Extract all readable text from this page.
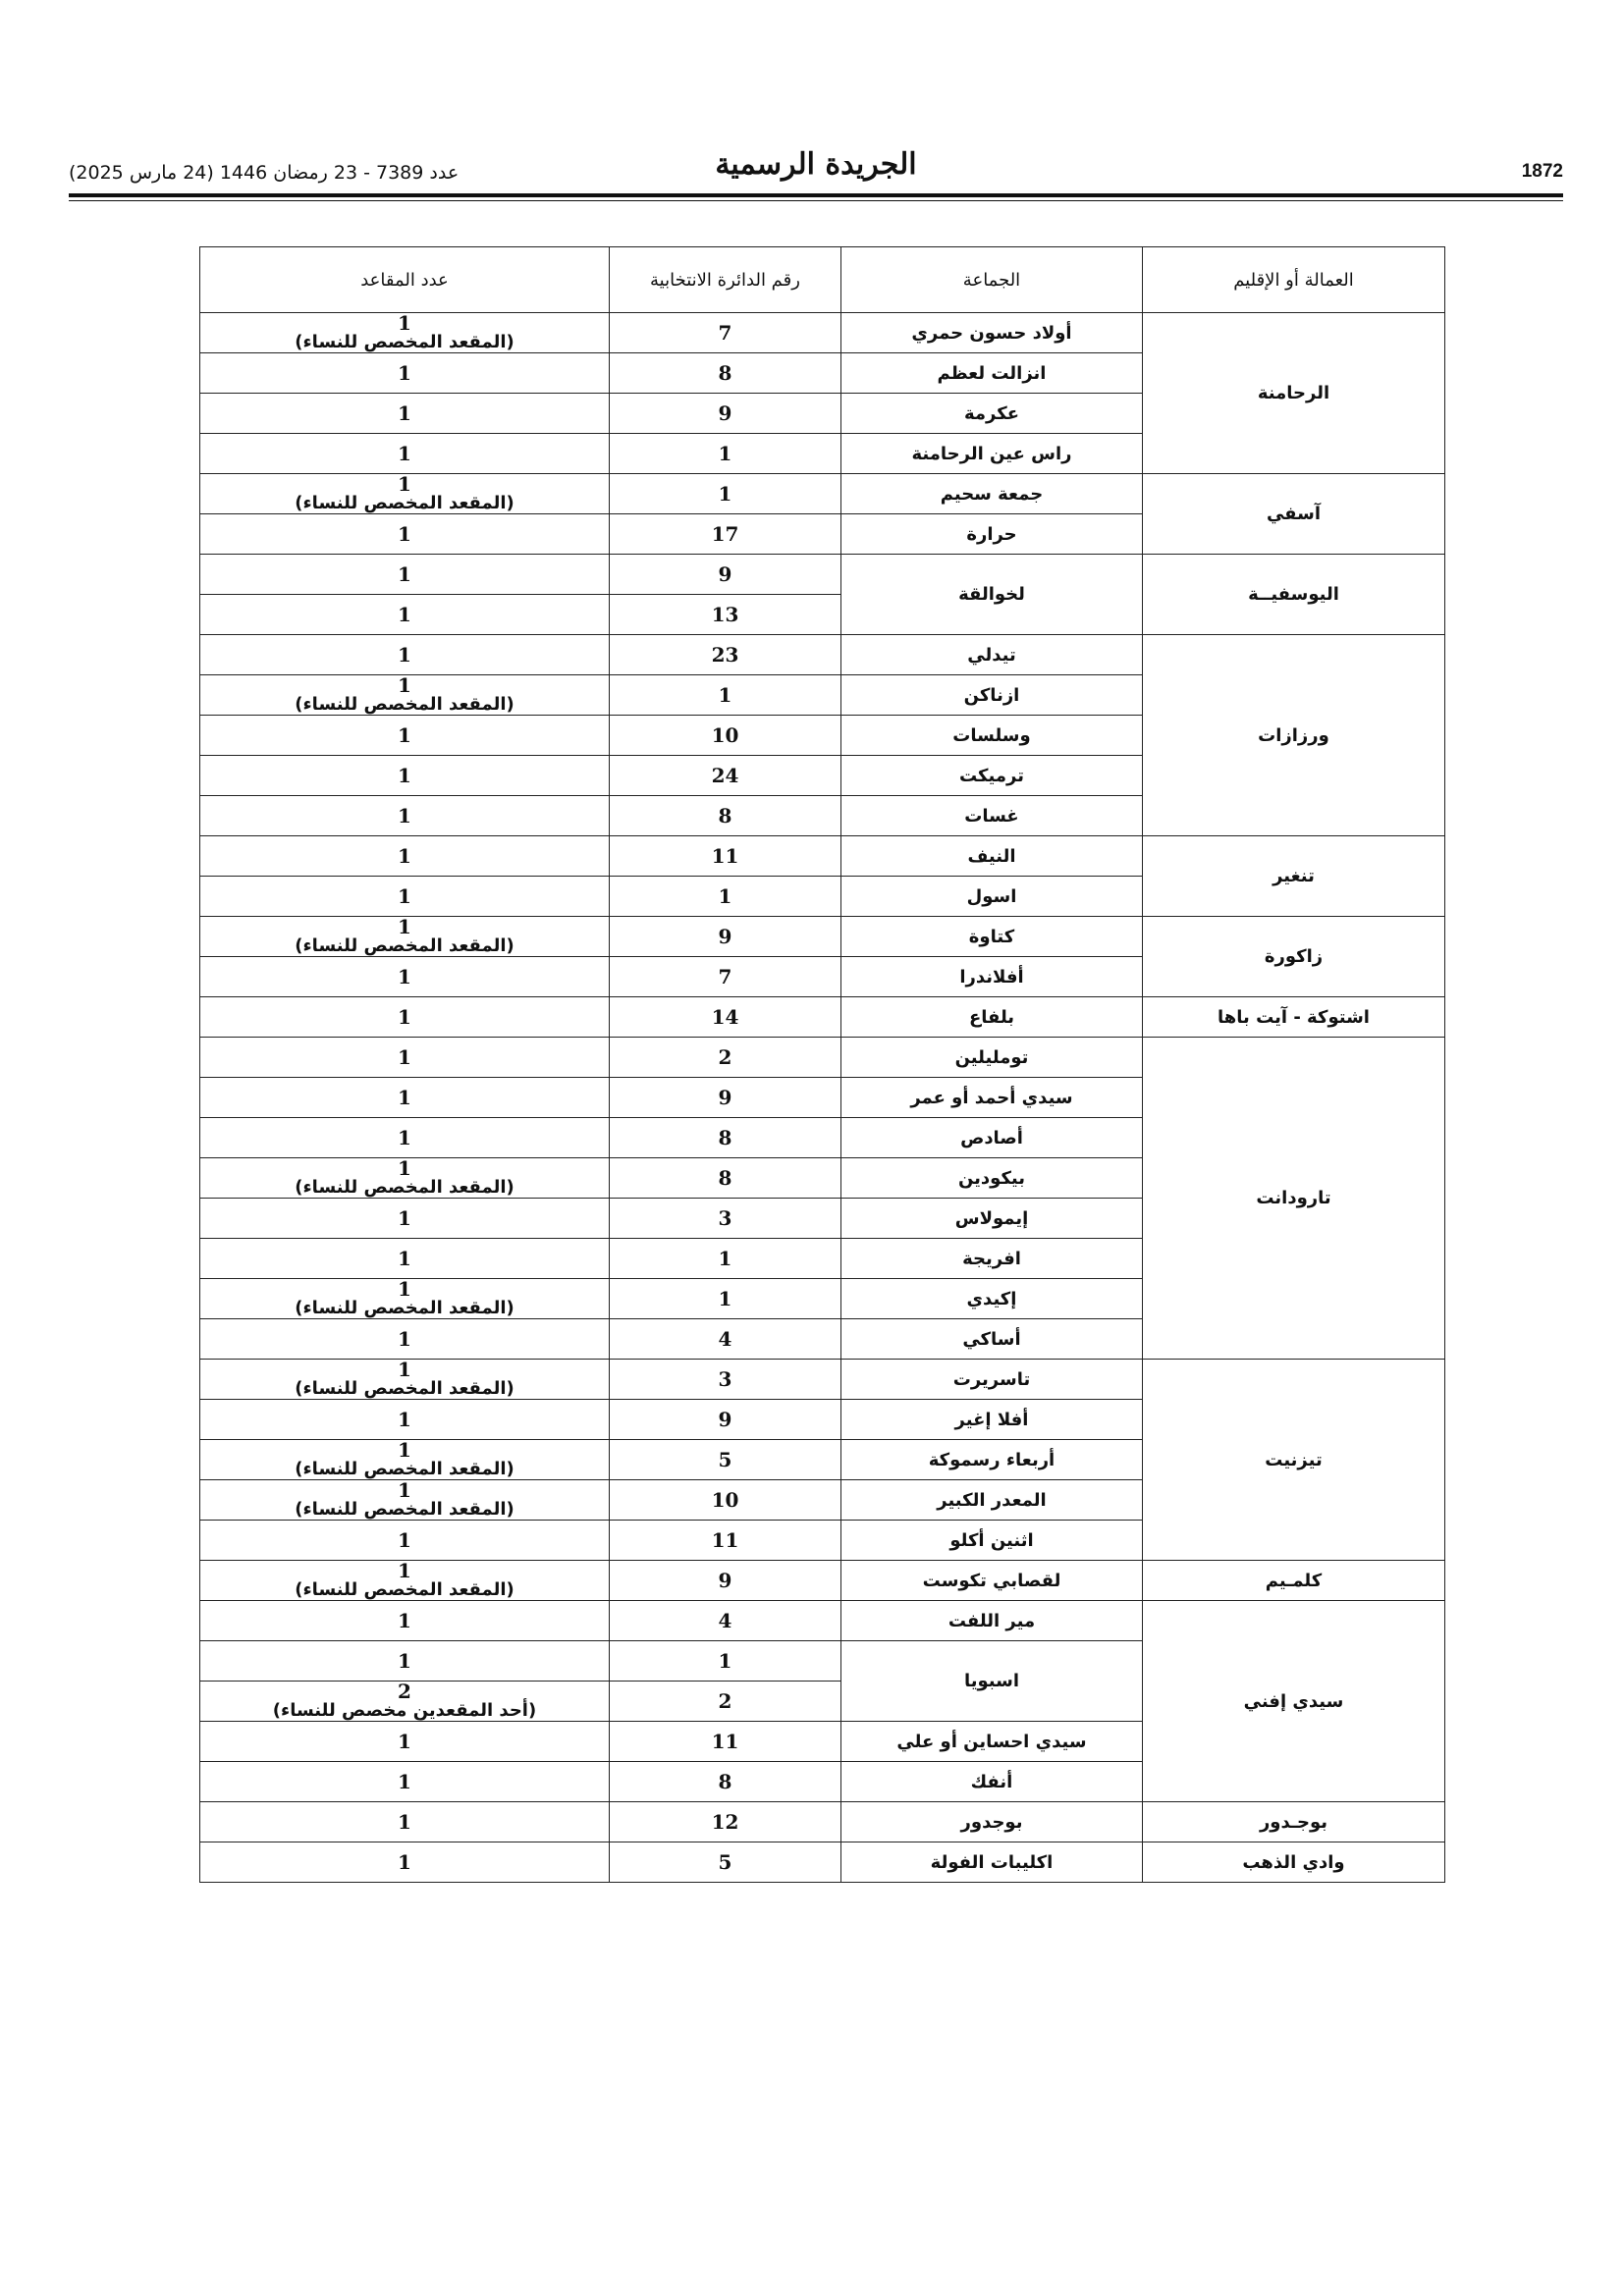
1872
الجريدة الرسمية
عدد 7389 - 23 رمضان 1446 (24 مارس 2025)
العمالة أو الإقليم	الجماعة	رقم الدائرة الانتخابية	عدد المقاعد
الرحامنة	أولاد حسون حمري	7	1
(المقعد المخصص للنساء)

	انزالت لعظم	8	1

	عكرمة	9	1

	راس عين الرحامنة	1	1

آسفي	جمعة سحيم	1	1
(المقعد المخصص للنساء)

	حرارة	17	1

اليوسفيــة	لخوالقة	9	1

		13	1

ورزازات	تيدلي	23	1

	ازناكن	1	1
(المقعد المخصص للنساء)

	وسلسات	10	1

	ترميكت	24	1

	غسات	8	1

تنغير	النيف	11	1

	اسول	1	1

زاكورة	كتاوة	9	1
(المقعد المخصص للنساء)

	أفلاندرا	7	1

اشتوكة - آيت باها	بلفاع	14	1

تارودانت	تومليلين	2	1

	سيدي أحمد أو عمر	9	1

	أصادص	8	1

	بيكودين	8	1
(المقعد المخصص للنساء)

	إيمولاس	3	1

	افريجة	1	1

	إكيدي	1	1
(المقعد المخصص للنساء)

	أساكي	4	1

تيزنيت	تاسريرت	3	1
(المقعد المخصص للنساء)

	أفلا إغير	9	1

	أربعاء رسموكة	5	1
(المقعد المخصص للنساء)

	المعدر الكبير	10	1
(المقعد المخصص للنساء)

	اثنين أكلو	11	1

كلمـيم	لقصابي تكوست	9	1
(المقعد المخصص للنساء)

سيدي إفني	مير اللفت	4	1

	اسبويا	1	1

		2	2
(أحد المقعدين مخصص للنساء)

	سيدي احساين أو علي	11	1

	أنفك	8	1

بوجـدور	بوجدور	12	1

وادي الذهب	اكليبات الفولة	5	1
